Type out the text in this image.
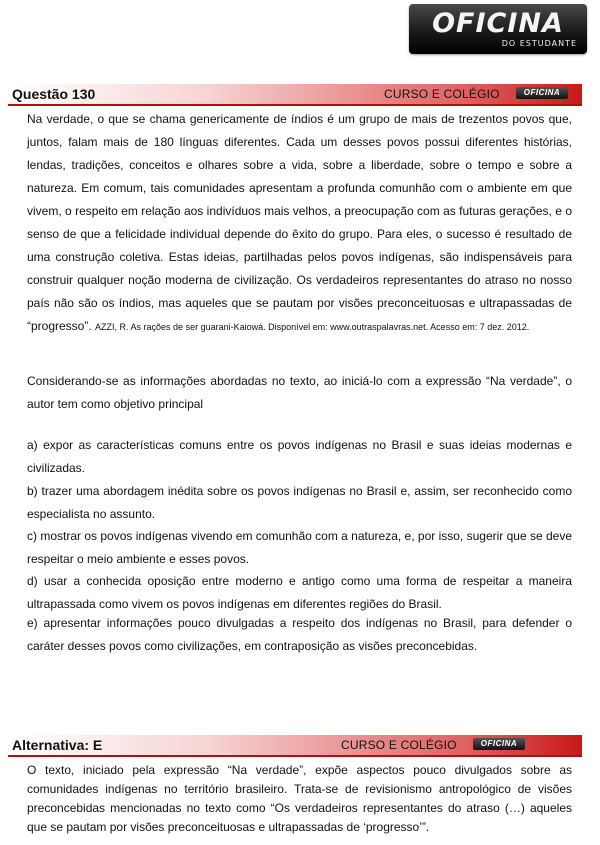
OFICINA
DO ESTUDANTE
Questão 130	CURSO E COLÉGIO	OFICINA

Na verdade, o que se chama genericamente de índios é um grupo de mais de trezentos povos que, juntos, falam mais de 180 línguas diferentes. Cada um desses povos possui diferentes histórias, lendas, tradições, conceitos e olhares sobre a vida, sobre a liberdade, sobre o tempo e sobre a natureza. Em comum, tais comunidades apresentam a profunda comunhão com o ambiente em que vivem, o respeito em relação aos indivíduos mais velhos, a preocupação com as futuras gerações, e o senso de que a felicidade individual depende do êxito do grupo. Para eles, o sucesso é resultado de uma construção coletiva. Estas ideias, partilhadas pelos povos indígenas, são indispensáveis para construir qualquer noção moderna de civilização. Os verdadeiros representantes do atraso no nosso país não são os índios, mas aqueles que se pautam por visões preconceituosas e ultrapassadas de “progresso”. AZZI, R. As rações de ser guarani-Kaiowá. Disponível em: www.outraspalavras.net. Acesso em: 7 dez. 2012.

Considerando-se as informações abordadas no texto, ao iniciá-lo com a expressão “Na verdade”, o autor tem como objetivo principal

a) expor as características comuns entre os povos indígenas no Brasil e suas ideias modernas e civilizadas.

b) trazer uma abordagem inédita sobre os povos indígenas no Brasil e, assim, ser reconhecido como especialista no assunto.

c) mostrar os povos indígenas vivendo em comunhão com a natureza, e, por isso, sugerir que se deve respeitar o meio ambiente e esses povos.

d) usar a conhecida oposição entre moderno e antigo como uma forma de respeitar a maneira ultrapassada como vivem os povos indígenas em diferentes regiões do Brasil.

e) apresentar informações pouco divulgadas a respeito dos indígenas no Brasil, para defender o caráter desses povos como civilizações, em contraposição as visões preconcebidas.

Alternativa: E	CURSO E COLÉGIO	OFICINA

O texto, iniciado pela expressão “Na verdade”, expõe aspectos pouco divulgados sobre as comunidades indígenas no território brasileiro. Trata-se de revisionismo antropológico de visões preconcebidas mencionadas no texto como “Os verdadeiros representantes do atraso (…) aqueles que se pautam por visões preconceituosas e ultrapassadas de ‘progresso’”.
